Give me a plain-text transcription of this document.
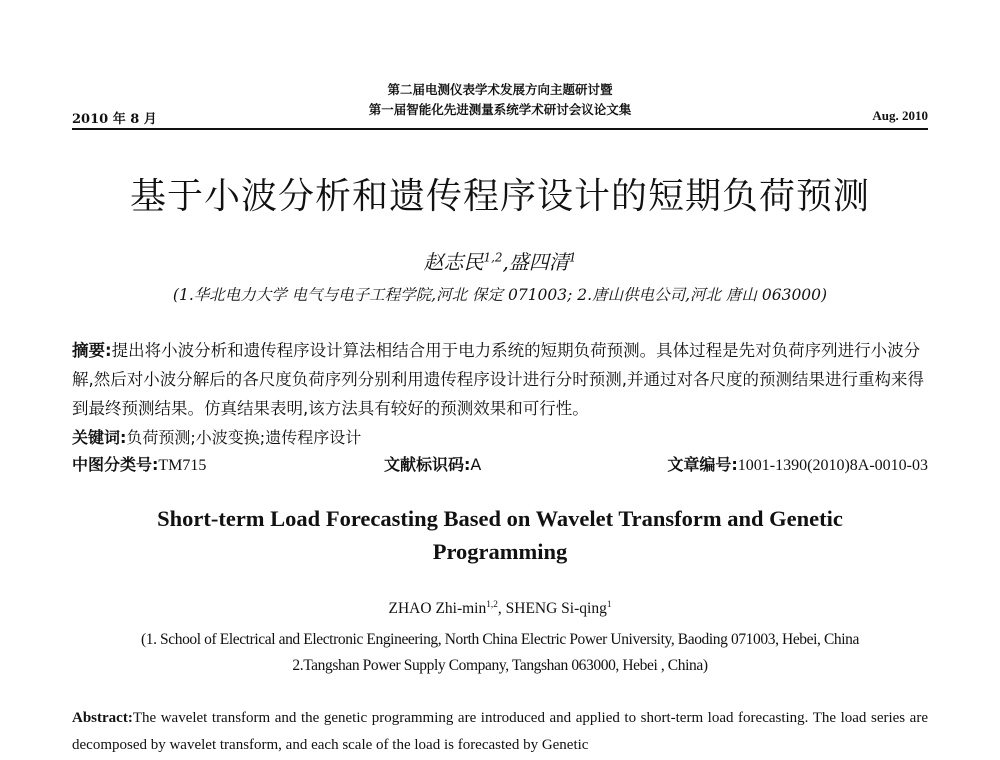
2010 年 8 月
第二届电测仪表学术发展方向主题研讨暨
第一届智能化先进测量系统学术研讨会议论文集	Aug. 2010
基于小波分析和遗传程序设计的短期负荷预测
赵志民$^{1,2}$,盛四清$^1$
(1.华北电力大学 电气与电子工程学院,河北 保定 071003; 2.唐山供电公司,河北 唐山 063000)
摘要:提出将小波分析和遗传程序设计算法相结合用于电力系统的短期负荷预测。具体过程是先对负荷序列进行小波分解,然后对小波分解后的各尺度负荷序列分别利用遗传程序设计进行分时预测,并通过对各尺度的预测结果进行重构来得到最终预测结果。仿真结果表明,该方法具有较好的预测效果和可行性。
关键词:负荷预测;小波变换;遗传程序设计
中图分类号:TM715	文献标识码:A	文章编号:1001-1390(2010)8A-0010-03
Short-term Load Forecasting Based on Wavelet Transform and Genetic
Programming
ZHAO Zhi-$\min^{1,2}$, SHENG Si-qing$^1$
(1. School of Electrical and Electronic Engineering, North China Electric Power University, Baoding 071003, Hebei, China
2.Tangshan Power Supply Company, Tangshan 063000, Hebei , China)
Abstract:The wavelet transform and the genetic programming are introduced and applied to short-term load forecasting. The load series are decomposed by wavelet transform, and each scale of the load is forecasted by Genetic
